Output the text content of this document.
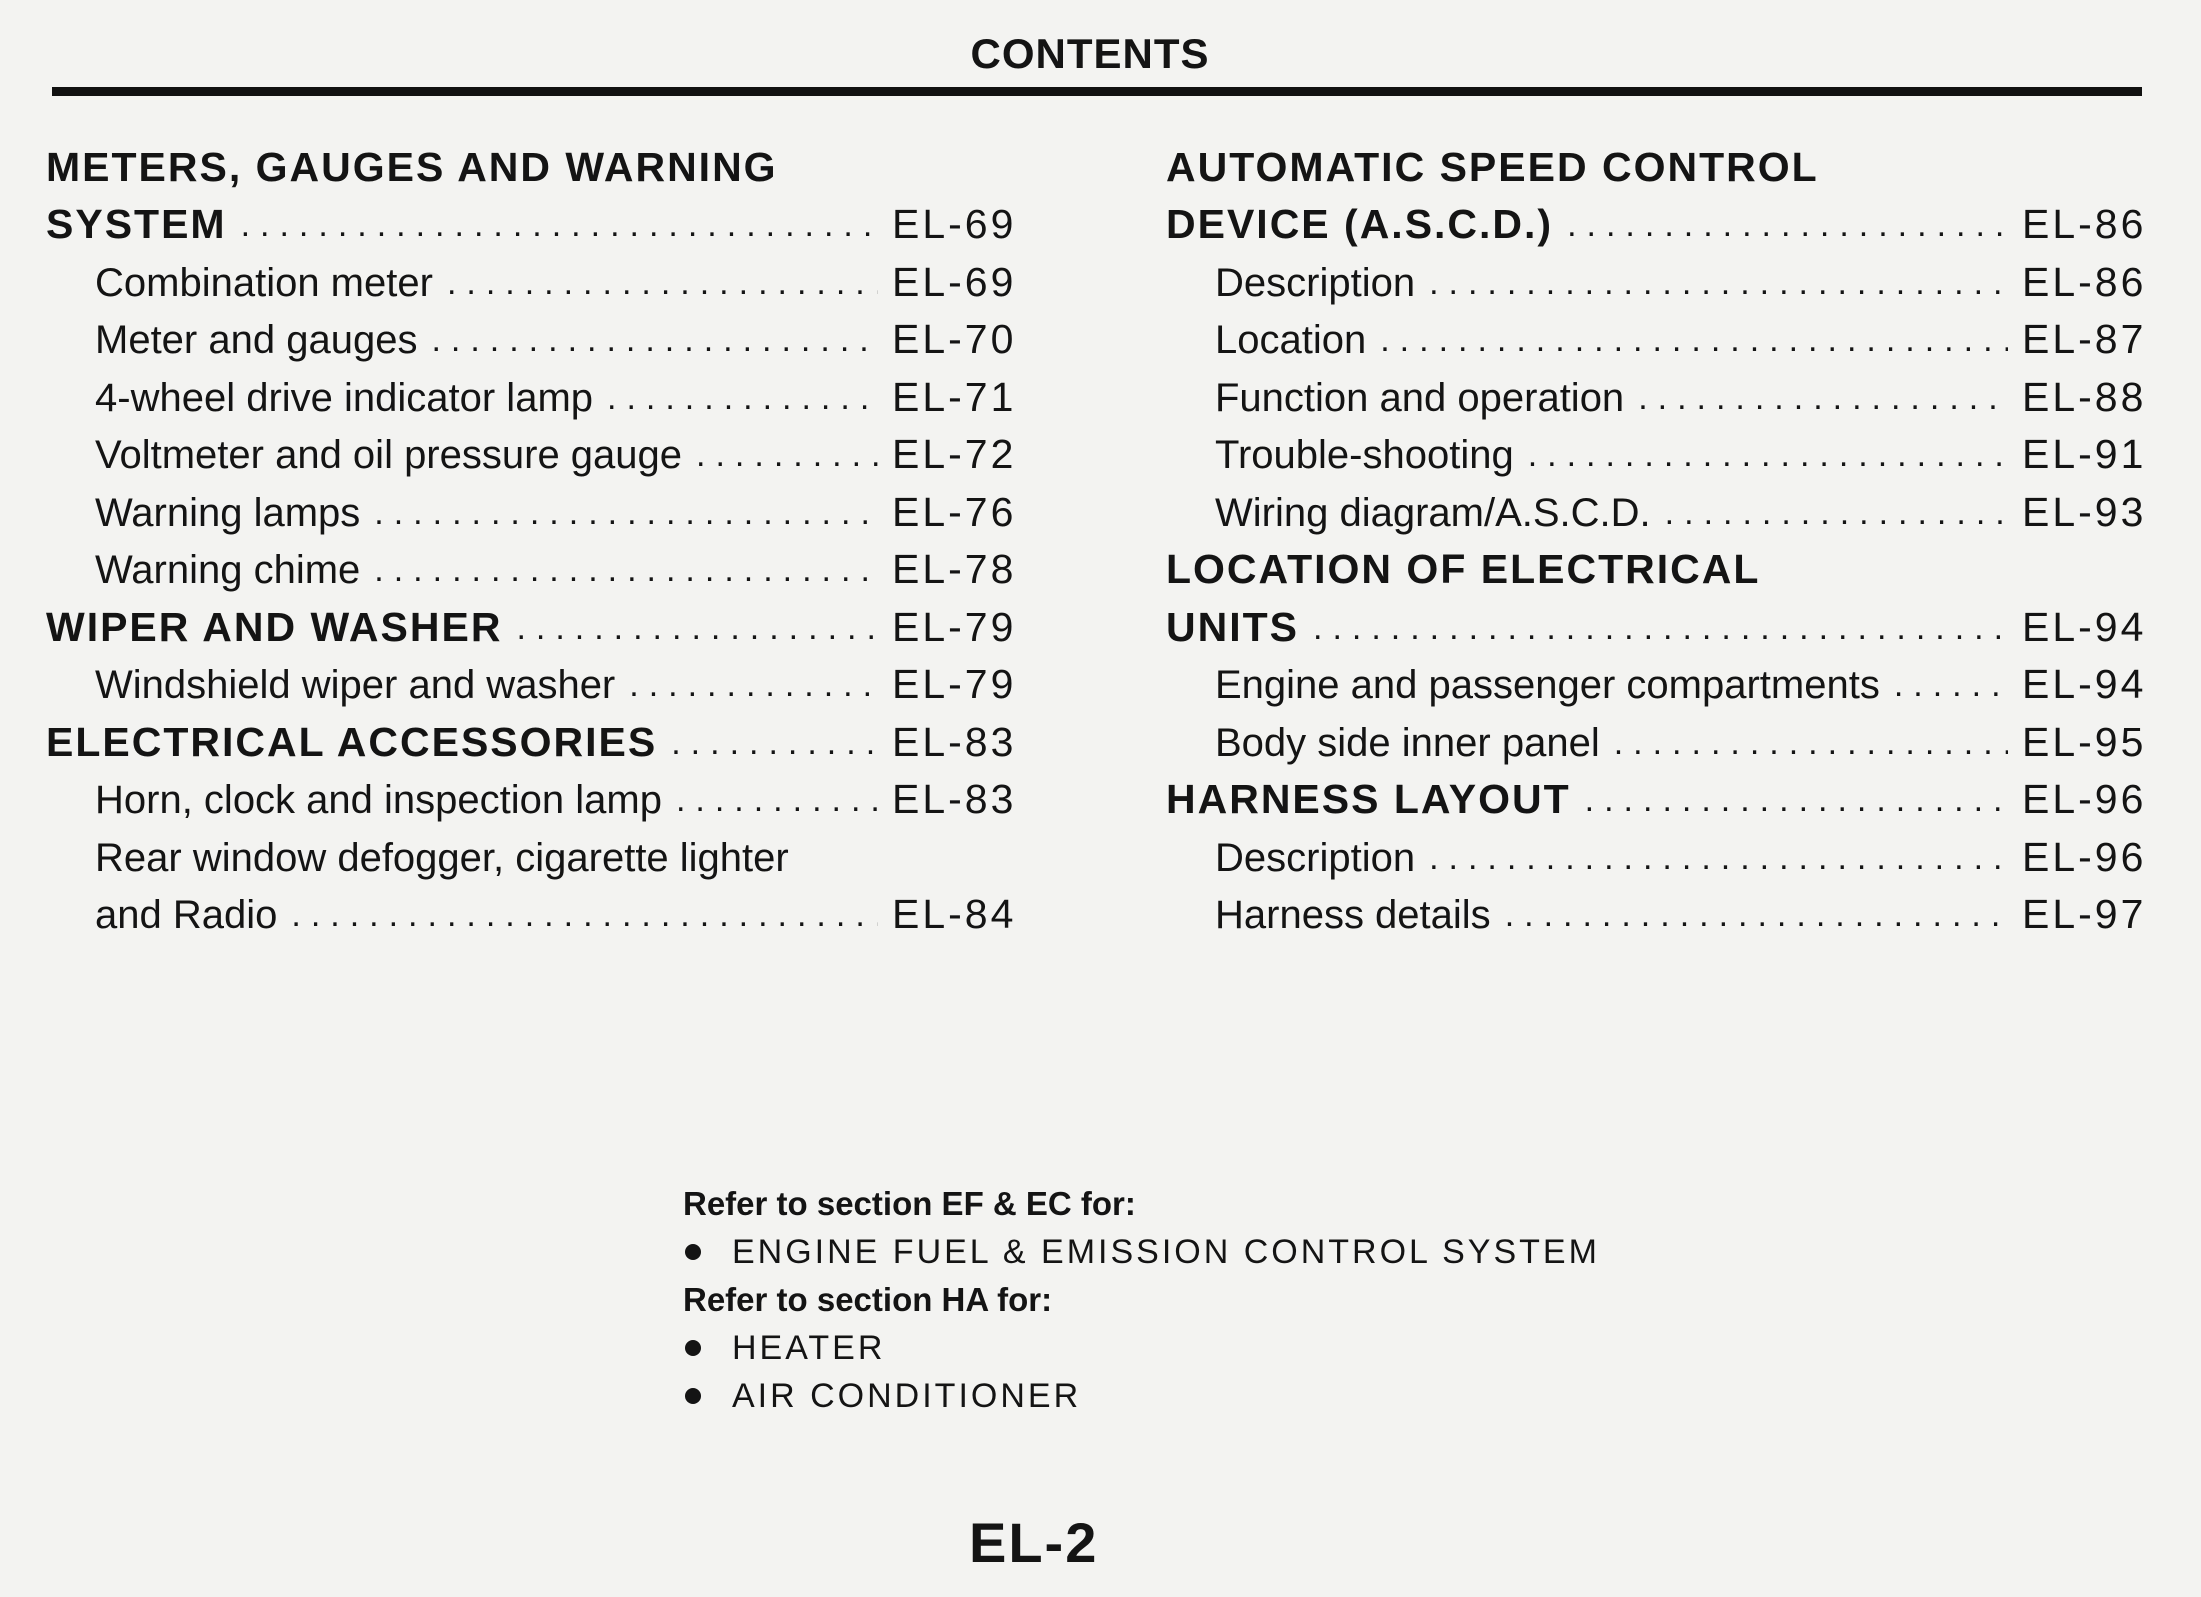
CONTENTS
METERS, GAUGES AND WARNING
SYSTEM .....	EL-69
Combination meter .....	EL-69
Meter and gauges .....	EL-70
4-wheel drive indicator lamp .....	EL-71
Voltmeter and oil pressure gauge .....	EL-72
Warning lamps .....	EL-76
Warning chime .....	EL-78
WIPER AND WASHER .....	EL-79
Windshield wiper and washer .....	EL-79
ELECTRICAL ACCESSORIES .....	EL-83
Horn, clock and inspection lamp .....	EL-83
Rear window defogger, cigarette lighter
and Radio .....	EL-84
AUTOMATIC SPEED CONTROL
DEVICE (A.S.C.D.) .....	EL-86
Description .....	EL-86
Location .....	EL-87
Function and operation .....	EL-88
Trouble-shooting .....	EL-91
Wiring diagram/A.S.C.D. .....	EL-93
LOCATION OF ELECTRICAL
UNITS .....	EL-94
Engine and passenger compartments .....	EL-94
Body side inner panel .....	EL-95
HARNESS LAYOUT .....	EL-96
Description .....	EL-96
Harness details .....	EL-97
Refer to section EF & EC for:
ENGINE FUEL & EMISSION CONTROL SYSTEM
Refer to section HA for:
HEATER
AIR CONDITIONER
EL-2
